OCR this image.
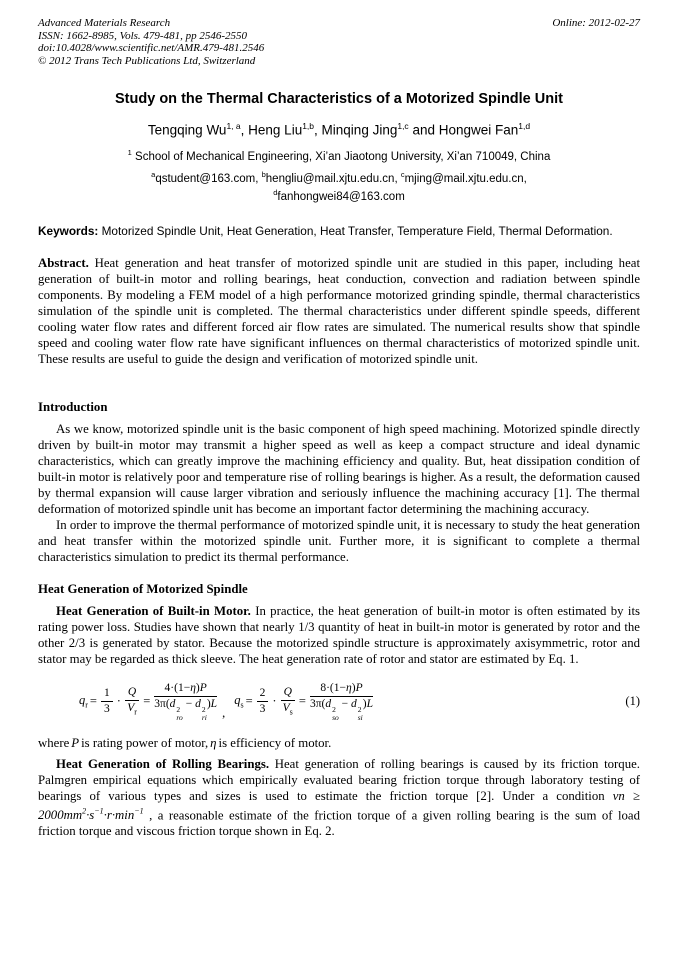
Advanced Materials Research
ISSN: 1662-8985, Vols. 479-481, pp 2546-2550
doi:10.4028/www.scientific.net/AMR.479-481.2546
© 2012 Trans Tech Publications Ltd, Switzerland
Online: 2012-02-27
Study on the Thermal Characteristics of a Motorized Spindle Unit
Tengqing Wu$^{1, a}$, Heng Liu$^{1,b}$, Minqing Jing$^{1,c}$ and Hongwei Fan$^{1,d}$
$^1$ School of Mechanical Engineering, Xi’an Jiaotong University, Xi’an 710049, China
$^a$qstudent@163.com, $^b$hengliu@mail.xjtu.edu.cn, $^c$mjing@mail.xjtu.edu.cn,
$^d$fanhongwei84@163.com
Keywords: Motorized Spindle Unit, Heat Generation, Heat Transfer, Temperature Field, Thermal Deformation.

Abstract. Heat generation and heat transfer of motorized spindle unit are studied in this paper, including heat generation of built-in motor and rolling bearings, heat conduction, convection and radiation between spindle components. By modeling a FEM model of a high performance motorized grinding spindle, thermal characteristics simulation of the spindle unit is completed. The thermal characteristics under different spindle speeds, different cooling water flow rates and different forced air flow rates are simulated. The numerical results show that spindle speed and cooling water flow rate have significant influences on thermal characteristics of motorized spindle unit. These results are useful to guide the design and verification of motorized spindle unit.

Introduction

As we know, motorized spindle unit is the basic component of high speed machining. Motorized spindle directly driven by built-in motor may transmit a higher speed as well as keep a compact structure and ideal dynamic characteristics, which can greatly improve the machining efficiency and quality. But, heat dissipation condition of built-in motor is relatively poor and temperature rise of rolling bearings is higher. As a result, the deformation caused by thermal expansion will cause larger vibration and seriously influence the machining accuracy [1]. The thermal deformation of motorized spindle unit has become an important factor determining the machining accuracy.

In order to improve the thermal performance of motorized spindle unit, it is necessary to study the heat generation and heat transfer within the motorized spindle unit. Further more, it is significant to complete a thermal characteristics simulation to predict its thermal performance.

Heat Generation of Motorized Spindle

Heat Generation of Built-in Motor. In practice, the heat generation of built-in motor is often estimated by its rating power loss. Studies have shown that nearly 1/3 quantity of heat in built-in motor is generated by rotor and the other 2/3 is generated by stator. Because the motorized spindle structure is approximately axisymmetric, rotor and stator may be regarded as thick sleeve. The heat generation rate of rotor and stator are estimated by Eq. 1.

$q_r = \frac{1}{3} \cdot \frac{Q}{V_r} = 4\cdot(1-\eta)P$
3π(d 2
ro
− d 2
ri
)L ,
$q_s = \frac{2}{3} \cdot \frac{Q}{V_s} = 8\cdot(1-\eta)P$
3π(d 2
so
− d 2
si
)L	(1)

where P is rating power of motor, η is efficiency of motor.

Heat Generation of Rolling Bearings. Heat generation of rolling bearings is caused by its friction torque. Palmgren empirical equations which empirically evaluated bearing friction torque through laboratory testing of bearings of various types and sizes is used to estimate the friction torque [2]. Under a condition vn ≥ $2000mm^2\cdot s^{-1}\cdot r\cdot\min^{-1}$ , a reasonable estimate of the friction torque of a given rolling bearing is the sum of load friction torque and viscous friction torque shown in Eq. 2.
